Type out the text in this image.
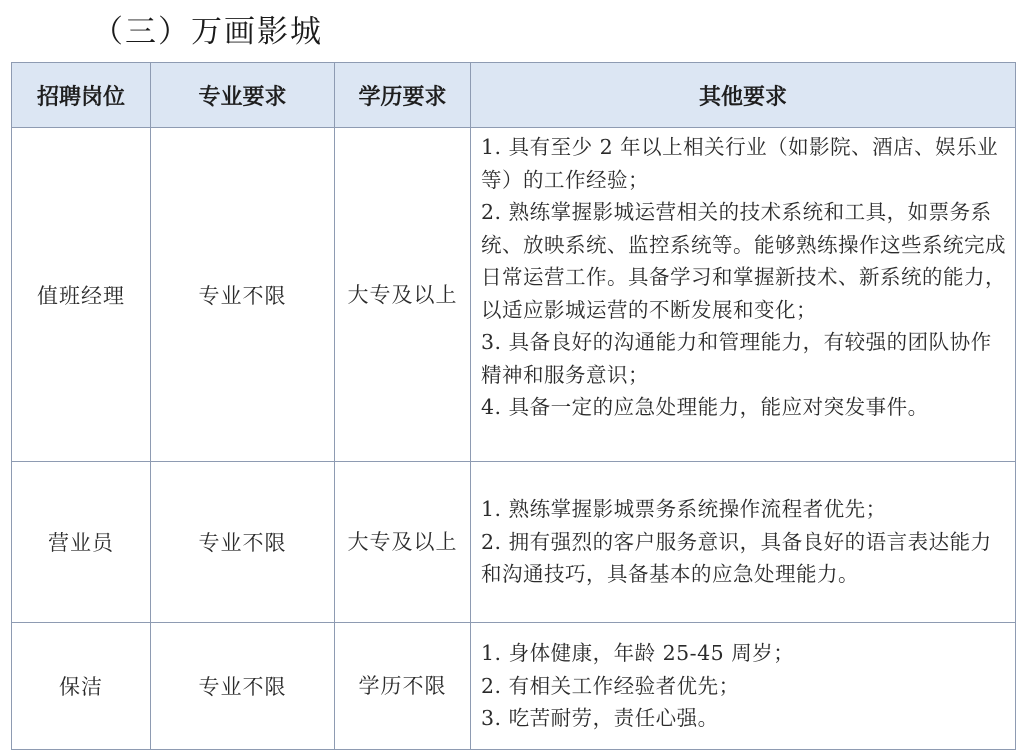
（三）万画影城
招聘岗位	专业要求	学历要求	其他要求
值班经理	专业不限	大专及以上	1. 具有至少 2 年以上相关行业（如影院、酒店、娱乐业等）的工作经验；
2. 熟练掌握影城运营相关的技术系统和工具，如票务系统、放映系统、监控系统等。能够熟练操作这些系统完成日常运营工作。具备学习和掌握新技术、新系统的能力，以适应影城运营的不断发展和变化；
3. 具备良好的沟通能力和管理能力，有较强的团队协作精神和服务意识；
4. 具备一定的应急处理能力，能应对突发事件。

营业员	专业不限	大专及以上	1. 熟练掌握影城票务系统操作流程者优先；
2. 拥有强烈的客户服务意识，具备良好的语言表达能力和沟通技巧，具备基本的应急处理能力。

保洁	专业不限	学历不限	1. 身体健康，年龄 25-45 周岁；
2. 有相关工作经验者优先；
3. 吃苦耐劳，责任心强。
